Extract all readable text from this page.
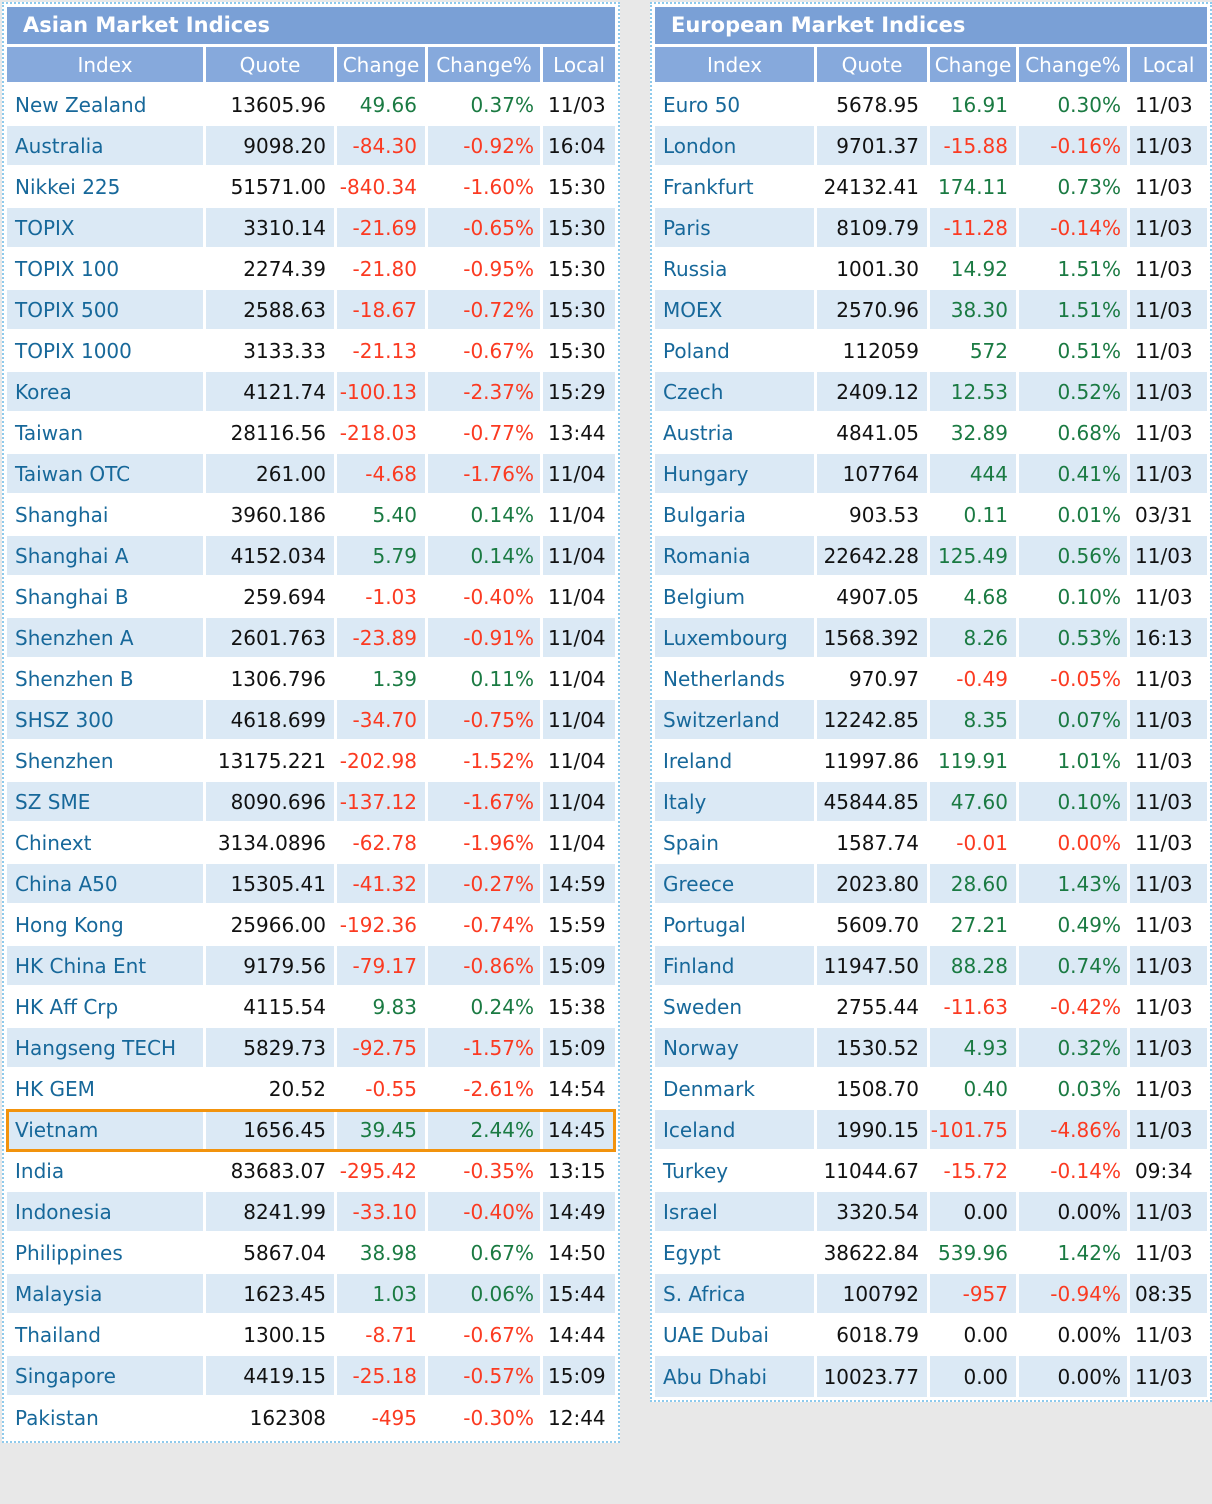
Asian Market Indices
Index	Quote	Change	Change%	Local
New Zealand	13605.96	49.66	0.37%	11/03
Australia	9098.20	-84.30	-0.92%	16:04
Nikkei 225	51571.00	-840.34	-1.60%	15:30
TOPIX	3310.14	-21.69	-0.65%	15:30
TOPIX 100	2274.39	-21.80	-0.95%	15:30
TOPIX 500	2588.63	-18.67	-0.72%	15:30
TOPIX 1000	3133.33	-21.13	-0.67%	15:30
Korea	4121.74	-100.13	-2.37%	15:29
Taiwan	28116.56	-218.03	-0.77%	13:44
Taiwan OTC	261.00	-4.68	-1.76%	11/04
Shanghai	3960.186	5.40	0.14%	11/04
Shanghai A	4152.034	5.79	0.14%	11/04
Shanghai B	259.694	-1.03	-0.40%	11/04
Shenzhen A	2601.763	-23.89	-0.91%	11/04
Shenzhen B	1306.796	1.39	0.11%	11/04
SHSZ 300	4618.699	-34.70	-0.75%	11/04
Shenzhen	13175.221	-202.98	-1.52%	11/04
SZ SME	8090.696	-137.12	-1.67%	11/04
Chinext	3134.0896	-62.78	-1.96%	11/04
China A50	15305.41	-41.32	-0.27%	14:59
Hong Kong	25966.00	-192.36	-0.74%	15:59
HK China Ent	9179.56	-79.17	-0.86%	15:09
HK Aff Crp	4115.54	9.83	0.24%	15:38
Hangseng TECH	5829.73	-92.75	-1.57%	15:09
HK GEM	20.52	-0.55	-2.61%	14:54
Vietnam	1656.45	39.45	2.44%	14:45
India	83683.07	-295.42	-0.35%	13:15
Indonesia	8241.99	-33.10	-0.40%	14:49
Philippines	5867.04	38.98	0.67%	14:50
Malaysia	1623.45	1.03	0.06%	15:44
Thailand	1300.15	-8.71	-0.67%	14:44
Singapore	4419.15	-25.18	-0.57%	15:09
Pakistan	162308	-495	-0.30%	12:44
European Market Indices
Index	Quote	Change	Change%	Local
Euro 50	5678.95	16.91	0.30%	11/03
London	9701.37	-15.88	-0.16%	11/03
Frankfurt	24132.41	174.11	0.73%	11/03
Paris	8109.79	-11.28	-0.14%	11/03
Russia	1001.30	14.92	1.51%	11/03
MOEX	2570.96	38.30	1.51%	11/03
Poland	112059	572	0.51%	11/03
Czech	2409.12	12.53	0.52%	11/03
Austria	4841.05	32.89	0.68%	11/03
Hungary	107764	444	0.41%	11/03
Bulgaria	903.53	0.11	0.01%	03/31
Romania	22642.28	125.49	0.56%	11/03
Belgium	4907.05	4.68	0.10%	11/03
Luxembourg	1568.392	8.26	0.53%	16:13
Netherlands	970.97	-0.49	-0.05%	11/03
Switzerland	12242.85	8.35	0.07%	11/03
Ireland	11997.86	119.91	1.01%	11/03
Italy	45844.85	47.60	0.10%	11/03
Spain	1587.74	-0.01	0.00%	11/03
Greece	2023.80	28.60	1.43%	11/03
Portugal	5609.70	27.21	0.49%	11/03
Finland	11947.50	88.28	0.74%	11/03
Sweden	2755.44	-11.63	-0.42%	11/03
Norway	1530.52	4.93	0.32%	11/03
Denmark	1508.70	0.40	0.03%	11/03
Iceland	1990.15	-101.75	-4.86%	11/03
Turkey	11044.67	-15.72	-0.14%	09:34
Israel	3320.54	0.00	0.00%	11/03
Egypt	38622.84	539.96	1.42%	11/03
S. Africa	100792	-957	-0.94%	08:35
UAE Dubai	6018.79	0.00	0.00%	11/03
Abu Dhabi	10023.77	0.00	0.00%	11/03
